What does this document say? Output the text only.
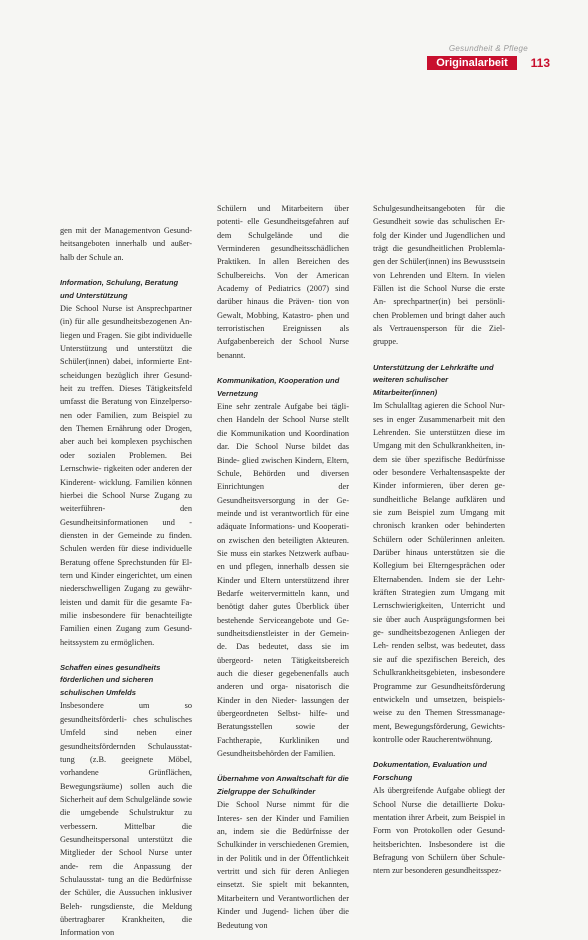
Gesundheit & Pflege
Originalarbeit	113

gen mit der Managementvon Gesund- heitsangeboten innerhalb und außer- halb der Schule an.

Information, Schulung, Beratung und Unterstützung

Die School Nurse ist Ansprechpartner (in) für alle gesundheitsbezogenen An- liegen und Fragen. Sie gibt individuelle Unterstützung und unterstützt die Schüler(innen) dabei, informierte Ent- scheidungen bezüglich ihrer Gesund- heit zu treffen. Dieses Tätigkeitsfeld umfasst die Beratung von Einzelperso- nen oder Familien, zum Beispiel zu den Themen Ernährung oder Drogen, aber auch bei komplexen psychischen oder sozialen Problemen. Bei Lernschwie- rigkeiten oder anderen der Kinderent- wicklung. Familien können hierbei die School Nurse Zugang zu weiterführen- den Gesundheitsinformationen und -diensten in der Gemeinde zu finden. Schulen werden für diese individuelle Beratung offene Sprechstunden für El- tern und Kinder eingerichtet, um einen niederschwelligen Zugang zu gewähr- leisten und damit für die gesamte Fa- milie insbesondere für benachteiligte Familien einen Zugang zum Gesund- heitssystem zu ermöglichen.

Schaffen eines gesundheits förderlichen und sicheren schulischen Umfelds

Insbesondere um so gesundheitsförderli- ches schulisches Umfeld sind neben einer gesundheitsfördernden Schulausstat- tung (z.B. geeignete Möbel, vorhandene Grünflächen, Bewegungsräume) sollen auch die Sicherheit auf dem Schulgelände sowie die umgebende Schulstruktur zu verbessern. Mittelbar die Gesundheitspersonal unterstützt die Mitglieder der School Nurse unter ande- rem die Anpassung der Schulausstat- tung an die Bedürfnisse der Schüler, die Aussuchen inklusiver Beleh- rungsdienste, die Meldung übertragbarer Krankheiten, die Information von

Schülern und Mitarbeitern über potenti- elle Gesundheitsgefahren auf dem Schulgelände und die Verminderen gesundheitsschädlichen Praktiken. In allen Bereichen des Schulbereichs. Von der American Academy of Pediatrics (2007) sind darüber hinaus die Präven- tion von Gewalt, Mobbing, Katastro- phen und terroristischen Ereignissen als Aufgabenbereich der School Nurse benannt.

Kommunikation, Kooperation und Vernetzung

Eine sehr zentrale Aufgabe bei tägli- chen Handeln der School Nurse stellt die Kommunikation und Koordination dar. Die School Nurse bildet das Binde- glied zwischen Kindern, Eltern, Schule, Behörden und diversen Einrichtungen der Gesundheitsversorgung in der Ge- meinde und ist verantwortlich für eine adäquate Informations- und Kooperati- on zwischen den beteiligten Akteuren. Sie muss ein starkes Netzwerk aufbau- en und pflegen, innerhalb dessen sie Kinder und Eltern unterstützend ihrer Bedarfe weitervermitteln kann, und benötigt daher gutes Überblick über bestehende Serviceangebote und Ge- sundheitsdienstleister in der Gemein- de. Das bedeutet, dass sie im übergeord- neten Tätigkeitsbereich auch die dieser gegebenenfalls auch anderen und orga- nisatorisch die Kinder in den Nieder- lassungen der übergeordneten Selbst- hilfe- und Beratungsstellen sowie der Fachtherapie, Kurkliniken und Gesundheitsbehörden der Familien.

Übernahme von Anwaltschaft für die Zielgruppe der Schulkinder

Die School Nurse nimmt für die Interes- sen der Kinder und Familien an, indem sie die Bedürfnisse der Schulkinder in verschiedenen Gremien, in der Politik und in der Öffentlichkeit vertritt und sich für deren Anliegen einsetzt. Sie spielt mit bekannten, Mitarbeitern und Verantwortlichen der Kinder und Jugend- lichen über die Bedeutung von

Schulgesundheitsangeboten für die Gesundheit sowie das schulischen Er- folg der Kinder und Jugendlichen und trägt die gesundheitlichen Problemla- gen der Schüler(innen) ins Bewusstsein von Lehrenden und Eltern. In vielen Fällen ist die School Nurse die erste An- sprechpartner(in) bei persönli- chen Problemen und bringt daher auch als Vertrauensperson für die Ziel- gruppe.

Unterstützung der Lehrkräfte und weiteren schulischer Mitarbeiter(innen)

Im Schulalltag agieren die School Nur- ses in enger Zusammenarbeit mit den Lehrenden. Sie unterstützen diese im Umgang mit den Schulkrankheiten, in- dem sie über spezifische Bedürfnisse oder besondere Verhaltensaspekte der Kinder informieren, über deren ge- sundheitliche Belange aufklären und sie zum Beispiel zum Umgang mit chronisch kranken oder behinderten Schülern oder Schülerinnen anleiten. Darüber hinaus unterstützen sie die Kollegium bei Elterngesprächen oder Elternabenden. Indem sie der Lehr- kräften Strategien zum Umgang mit Lernschwierigkeiten, Unterricht und sie über auch Ausprägungsformen bei ge- sundheitsbezogenen Anliegen der Leh- renden selbst, was bedeutet, dass sie auf die spezifischen Bereich, des Schulkrankheitsgebieten, insbesondere Programme zur Gesundheitsförderung entwickeln und umsetzen, beispiels- weise zu den Themen Stressmanage- ment, Bewegungsförderung, Gewichts- kontrolle oder Raucherentwöhnung.

Dokumentation, Evaluation und Forschung

Als übergreifende Aufgabe obliegt der School Nurse die detaillierte Doku- mentation ihrer Arbeit, zum Beispiel in Form von Protokollen oder Gesund- heitsberichten. Insbesondere ist die Befragung von Schülern über Schule- ntern zur besonderen gesundheitsspez-
